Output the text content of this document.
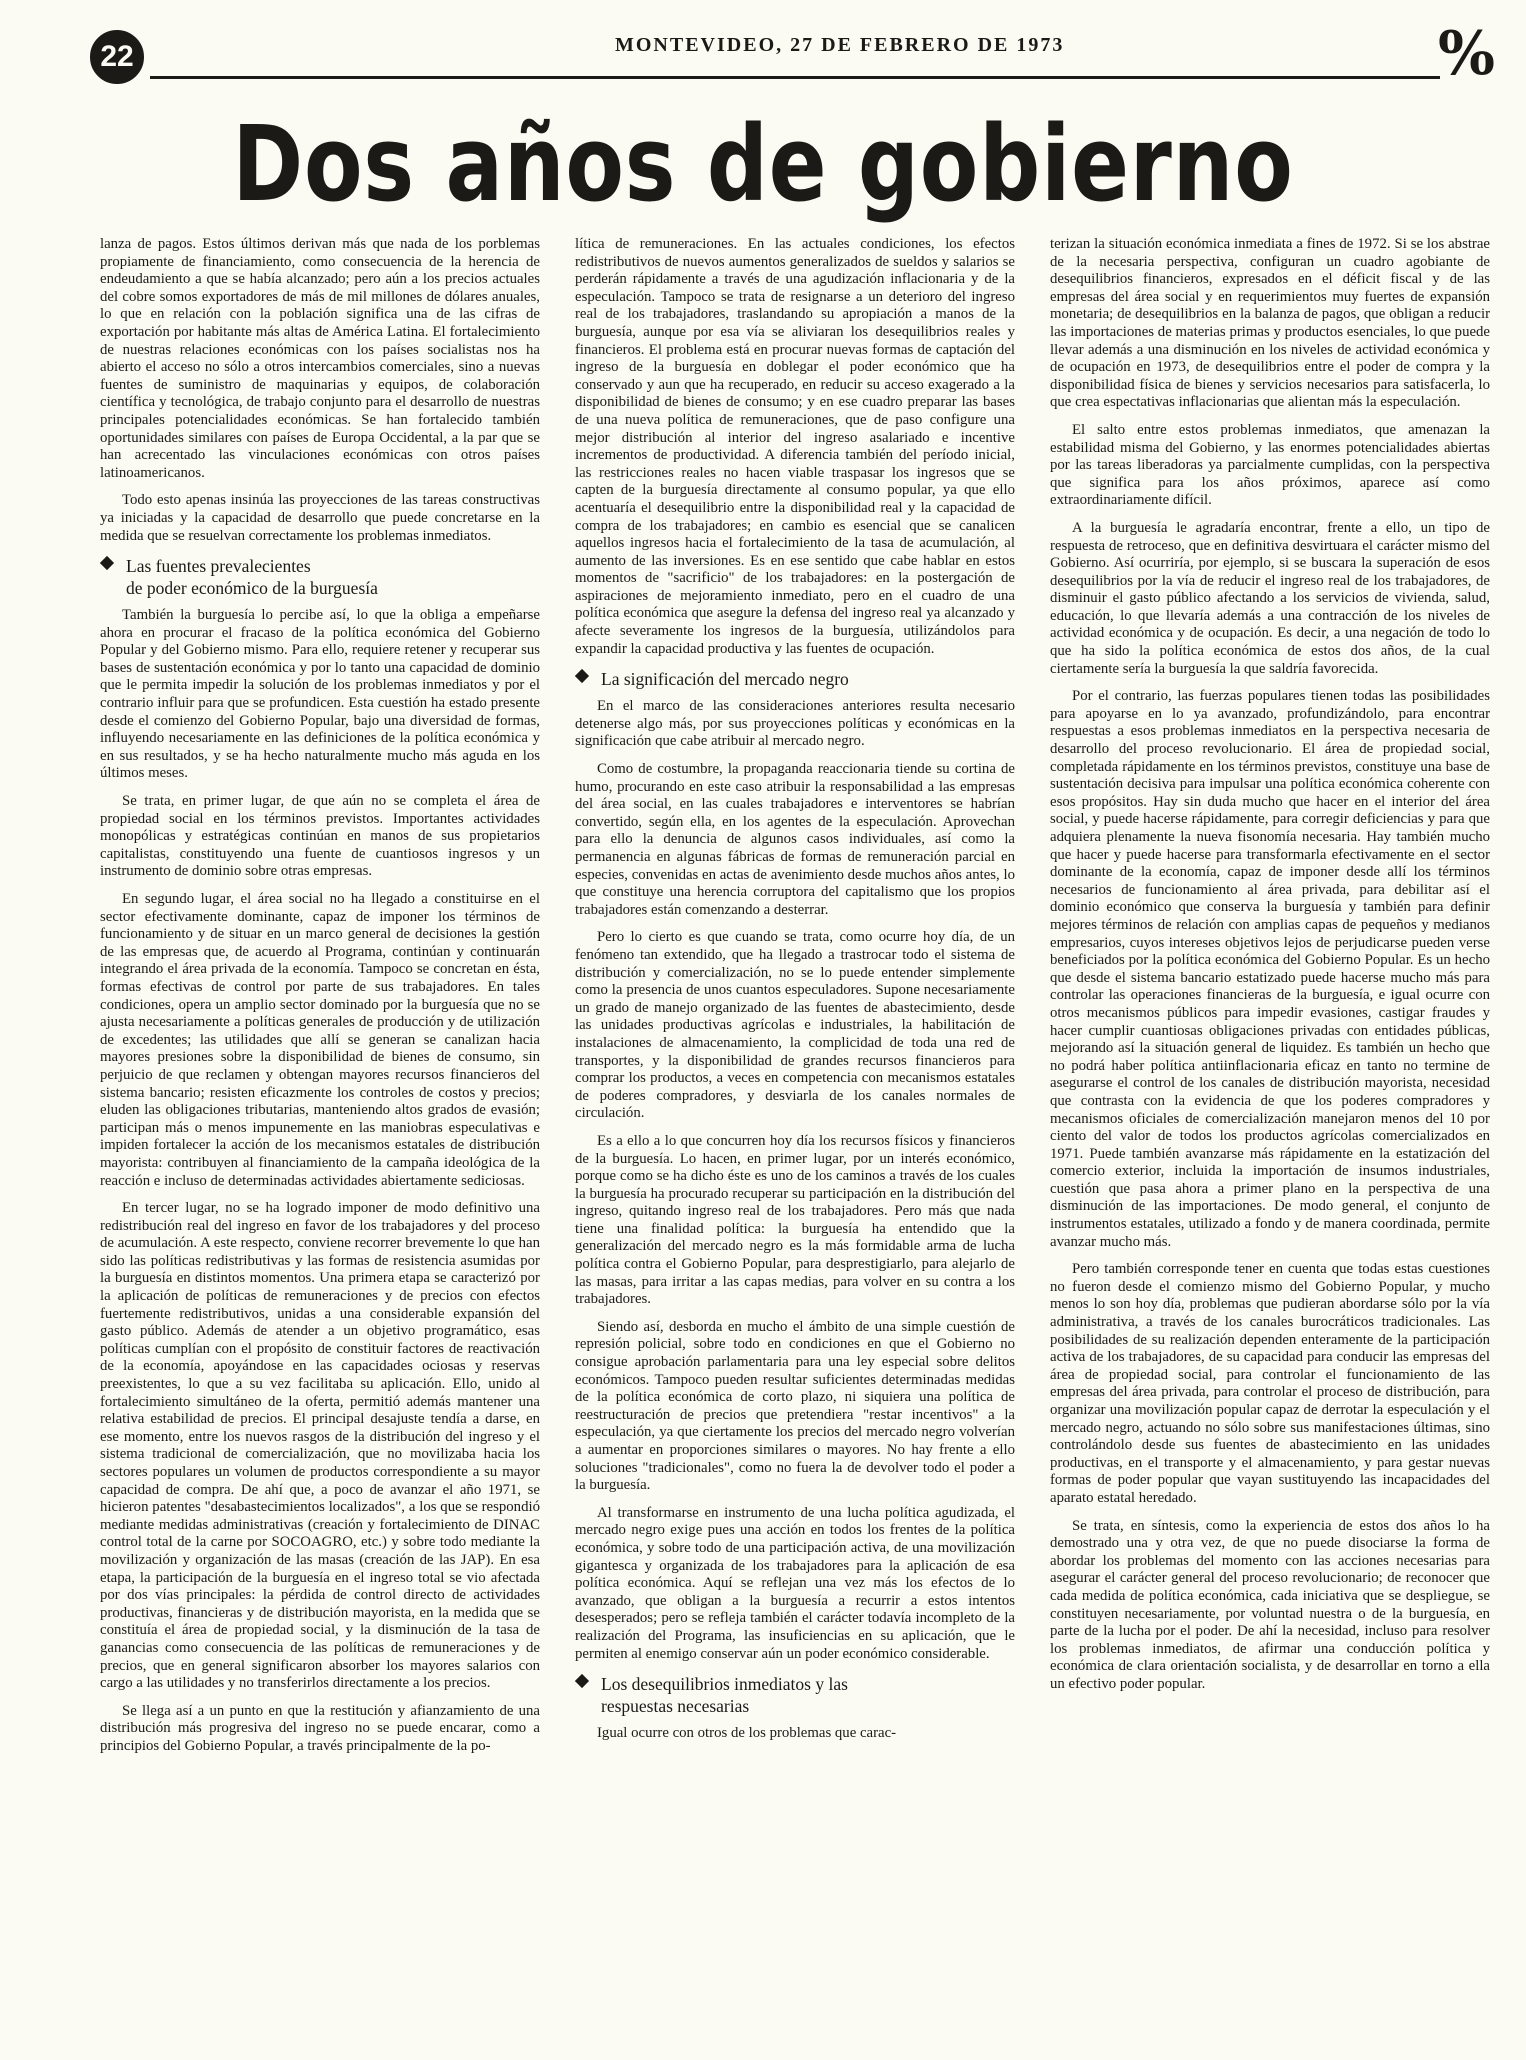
22	MONTEVIDEO, 27 DE FEBRERO DE 1973	%
Dos años de gobierno

lanza de pagos. Estos últimos derivan más que nada de los porblemas propiamente de financiamiento, como consecuencia de la herencia de endeudamiento a que se había alcanzado; pero aún a los precios actuales del cobre somos exportadores de más de mil millones de dólares anuales, lo que en relación con la población significa una de las cifras de exportación por habitante más altas de América Latina. El fortalecimiento de nuestras relaciones económicas con los países socialistas nos ha abierto el acceso no sólo a otros intercambios comerciales, sino a nuevas fuentes de suministro de maquinarias y equipos, de colaboración científica y tecnológica, de trabajo conjunto para el desarrollo de nuestras principales potencialidades económicas. Se han fortalecido también oportunidades similares con países de Europa Occidental, a la par que se han acrecentado las vinculaciones económicas con otros países latinoamericanos.

Todo esto apenas insinúa las proyecciones de las tareas constructivas ya iniciadas y la capacidad de desarrollo que puede concretarse en la medida que se resuelvan correctamente los problemas inmediatos.

Las fuentes prevalecientes
de poder económico de la burguesía

También la burguesía lo percibe así, lo que la obliga a empeñarse ahora en procurar el fracaso de la política económica del Gobierno Popular y del Gobierno mismo. Para ello, requiere retener y recuperar sus bases de sustentación económica y por lo tanto una capacidad de dominio que le permita impedir la solución de los problemas inmediatos y por el contrario influir para que se profundicen. Esta cuestión ha estado presente desde el comienzo del Gobierno Popular, bajo una diversidad de formas, influyendo necesariamente en las definiciones de la política económica y en sus resultados, y se ha hecho naturalmente mucho más aguda en los últimos meses.

Se trata, en primer lugar, de que aún no se completa el área de propiedad social en los términos previstos. Importantes actividades monopólicas y estratégicas continúan en manos de sus propietarios capitalistas, constituyendo una fuente de cuantiosos ingresos y un instrumento de dominio sobre otras empresas.

En segundo lugar, el área social no ha llegado a constituirse en el sector efectivamente dominante, capaz de imponer los términos de funcionamiento y de situar en un marco general de decisiones la gestión de las empresas que, de acuerdo al Programa, continúan y continuarán integrando el área privada de la economía. Tampoco se concretan en ésta, formas efectivas de control por parte de sus trabajadores. En tales condiciones, opera un amplio sector dominado por la burguesía que no se ajusta necesariamente a políticas generales de producción y de utilización de excedentes; las utilidades que allí se generan se canalizan hacia mayores presiones sobre la disponibilidad de bienes de consumo, sin perjuicio de que reclamen y obtengan mayores recursos financieros del sistema bancario; resisten eficazmente los controles de costos y precios; eluden las obligaciones tributarias, manteniendo altos grados de evasión; participan más o menos impunemente en las maniobras especulativas e impiden fortalecer la acción de los mecanismos estatales de distribución mayorista: contribuyen al financiamiento de la campaña ideológica de la reacción e incluso de determinadas actividades abiertamente sediciosas.

En tercer lugar, no se ha logrado imponer de modo definitivo una redistribución real del ingreso en favor de los trabajadores y del proceso de acumulación. A este respecto, conviene recorrer brevemente lo que han sido las políticas redistributivas y las formas de resistencia asumidas por la burguesía en distintos momentos. Una primera etapa se caracterizó por la aplicación de políticas de remuneraciones y de precios con efectos fuertemente redistributivos, unidas a una considerable expansión del gasto público. Además de atender a un objetivo programático, esas políticas cumplían con el propósito de constituir factores de reactivación de la economía, apoyándose en las capacidades ociosas y reservas preexistentes, lo que a su vez facilitaba su aplicación. Ello, unido al fortalecimiento simultáneo de la oferta, permitió además mantener una relativa estabilidad de precios. El principal desajuste tendía a darse, en ese momento, entre los nuevos rasgos de la distribución del ingreso y el sistema tradicional de comercialización, que no movilizaba hacia los sectores populares un volumen de productos correspondiente a su mayor capacidad de compra. De ahí que, a poco de avanzar el año 1971, se hicieron patentes "desabastecimientos localizados", a los que se respondió mediante medidas administrativas (creación y fortalecimiento de DINAC control total de la carne por SOCOAGRO, etc.) y sobre todo mediante la movilización y organización de las masas (creación de las JAP). En esa etapa, la participación de la burguesía en el ingreso total se vio afectada por dos vías principales: la pérdida de control directo de actividades productivas, financieras y de distribución mayorista, en la medida que se constituía el área de propiedad social, y la disminución de la tasa de ganancias como consecuencia de las políticas de remuneraciones y de precios, que en general significaron absorber los mayores salarios con cargo a las utilidades y no transferirlos directamente a los precios.

Se llega así a un punto en que la restitución y afianzamiento de una distribución más progresiva del ingreso no se puede encarar, como a principios del Gobierno Popular, a través principalmente de la po-

lítica de remuneraciones. En las actuales condiciones, los efectos redistributivos de nuevos aumentos generalizados de sueldos y salarios se perderán rápidamente a través de una agudización inflacionaria y de la especulación. Tampoco se trata de resignarse a un deterioro del ingreso real de los trabajadores, traslandando su apropiación a manos de la burguesía, aunque por esa vía se aliviaran los desequilibrios reales y financieros. El problema está en procurar nuevas formas de captación del ingreso de la burguesía en doblegar el poder económico que ha conservado y aun que ha recuperado, en reducir su acceso exagerado a la disponibilidad de bienes de consumo; y en ese cuadro preparar las bases de una nueva política de remuneraciones, que de paso configure una mejor distribución al interior del ingreso asalariado e incentive incrementos de productividad. A diferencia también del período inicial, las restricciones reales no hacen viable traspasar los ingresos que se capten de la burguesía directamente al consumo popular, ya que ello acentuaría el desequilibrio entre la disponibilidad real y la capacidad de compra de los trabajadores; en cambio es esencial que se canalicen aquellos ingresos hacia el fortalecimiento de la tasa de acumulación, al aumento de las inversiones. Es en ese sentido que cabe hablar en estos momentos de "sacrificio" de los trabajadores: en la postergación de aspiraciones de mejoramiento inmediato, pero en el cuadro de una política económica que asegure la defensa del ingreso real ya alcanzado y afecte severamente los ingresos de la burguesía, utilizándolos para expandir la capacidad productiva y las fuentes de ocupación.

La significación del mercado negro

En el marco de las consideraciones anteriores resulta necesario detenerse algo más, por sus proyecciones políticas y económicas en la significación que cabe atribuir al mercado negro.

Como de costumbre, la propaganda reaccionaria tiende su cortina de humo, procurando en este caso atribuir la responsabilidad a las empresas del área social, en las cuales trabajadores e interventores se habrían convertido, según ella, en los agentes de la especulación. Aprovechan para ello la denuncia de algunos casos individuales, así como la permanencia en algunas fábricas de formas de remuneración parcial en especies, convenidas en actas de avenimiento desde muchos años antes, lo que constituye una herencia corruptora del capitalismo que los propios trabajadores están comenzando a desterrar.

Pero lo cierto es que cuando se trata, como ocurre hoy día, de un fenómeno tan extendido, que ha llegado a trastrocar todo el sistema de distribución y comercialización, no se lo puede entender simplemente como la presencia de unos cuantos especuladores. Supone necesariamente un grado de manejo organizado de las fuentes de abastecimiento, desde las unidades productivas agrícolas e industriales, la habilitación de instalaciones de almacenamiento, la complicidad de toda una red de transportes, y la disponibilidad de grandes recursos financieros para comprar los productos, a veces en competencia con mecanismos estatales de poderes compradores, y desviarla de los canales normales de circulación.

Es a ello a lo que concurren hoy día los recursos físicos y financieros de la burguesía. Lo hacen, en primer lugar, por un interés económico, porque como se ha dicho éste es uno de los caminos a través de los cuales la burguesía ha procurado recuperar su participación en la distribución del ingreso, quitando ingreso real de los trabajadores. Pero más que nada tiene una finalidad política: la burguesía ha entendido que la generalización del mercado negro es la más formidable arma de lucha política contra el Gobierno Popular, para desprestigiarlo, para alejarlo de las masas, para irritar a las capas medias, para volver en su contra a los trabajadores.

Siendo así, desborda en mucho el ámbito de una simple cuestión de represión policial, sobre todo en condiciones en que el Gobierno no consigue aprobación parlamentaria para una ley especial sobre delitos económicos. Tampoco pueden resultar suficientes determinadas medidas de la política económica de corto plazo, ni siquiera una política de reestructuración de precios que pretendiera "restar incentivos" a la especulación, ya que ciertamente los precios del mercado negro volverían a aumentar en proporciones similares o mayores. No hay frente a ello soluciones "tradicionales", como no fuera la de devolver todo el poder a la burguesía.

Al transformarse en instrumento de una lucha política agudizada, el mercado negro exige pues una acción en todos los frentes de la política económica, y sobre todo de una participación activa, de una movilización gigantesca y organizada de los trabajadores para la aplicación de esa política económica. Aquí se reflejan una vez más los efectos de lo avanzado, que obligan a la burguesía a recurrir a estos intentos desesperados; pero se refleja también el carácter todavía incompleto de la realización del Programa, las insuficiencias en su aplicación, que le permiten al enemigo conservar aún un poder económico considerable.

Los desequilibrios inmediatos y las
respuestas necesarias

Igual ocurre con otros de los problemas que carac-

terizan la situación económica inmediata a fines de 1972. Si se los abstrae de la necesaria perspectiva, configuran un cuadro agobiante de desequilibrios financieros, expresados en el déficit fiscal y de las empresas del área social y en requerimientos muy fuertes de expansión monetaria; de desequilibrios en la balanza de pagos, que obligan a reducir las importaciones de materias primas y productos esenciales, lo que puede llevar además a una disminución en los niveles de actividad económica y de ocupación en 1973, de desequilibrios entre el poder de compra y la disponibilidad física de bienes y servicios necesarios para satisfacerla, lo que crea espectativas inflacionarias que alientan más la especulación.

El salto entre estos problemas inmediatos, que amenazan la estabilidad misma del Gobierno, y las enormes potencialidades abiertas por las tareas liberadoras ya parcialmente cumplidas, con la perspectiva que significa para los años próximos, aparece así como extraordinariamente difícil.

A la burguesía le agradaría encontrar, frente a ello, un tipo de respuesta de retroceso, que en definitiva desvirtuara el carácter mismo del Gobierno. Así ocurriría, por ejemplo, si se buscara la superación de esos desequilibrios por la vía de reducir el ingreso real de los trabajadores, de disminuir el gasto público afectando a los servicios de vivienda, salud, educación, lo que llevaría además a una contracción de los niveles de actividad económica y de ocupación. Es decir, a una negación de todo lo que ha sido la política económica de estos dos años, de la cual ciertamente sería la burguesía la que saldría favorecida.

Por el contrario, las fuerzas populares tienen todas las posibilidades para apoyarse en lo ya avanzado, profundizándolo, para encontrar respuestas a esos problemas inmediatos en la perspectiva necesaria de desarrollo del proceso revolucionario. El área de propiedad social, completada rápidamente en los términos previstos, constituye una base de sustentación decisiva para impulsar una política económica coherente con esos propósitos. Hay sin duda mucho que hacer en el interior del área social, y puede hacerse rápidamente, para corregir deficiencias y para que adquiera plenamente la nueva fisonomía necesaria. Hay también mucho que hacer y puede hacerse para transformarla efectivamente en el sector dominante de la economía, capaz de imponer desde allí los términos necesarios de funcionamiento al área privada, para debilitar así el dominio económico que conserva la burguesía y también para definir mejores términos de relación con amplias capas de pequeños y medianos empresarios, cuyos intereses objetivos lejos de perjudicarse pueden verse beneficiados por la política económica del Gobierno Popular. Es un hecho que desde el sistema bancario estatizado puede hacerse mucho más para controlar las operaciones financieras de la burguesía, e igual ocurre con otros mecanismos públicos para impedir evasiones, castigar fraudes y hacer cumplir cuantiosas obligaciones privadas con entidades públicas, mejorando así la situación general de liquidez. Es también un hecho que no podrá haber política antiinflacionaria eficaz en tanto no termine de asegurarse el control de los canales de distribución mayorista, necesidad que contrasta con la evidencia de que los poderes compradores y mecanismos oficiales de comercialización manejaron menos del 10 por ciento del valor de todos los productos agrícolas comercializados en 1971. Puede también avanzarse más rápidamente en la estatización del comercio exterior, incluida la importación de insumos industriales, cuestión que pasa ahora a primer plano en la perspectiva de una disminución de las importaciones. De modo general, el conjunto de instrumentos estatales, utilizado a fondo y de manera coordinada, permite avanzar mucho más.

Pero también corresponde tener en cuenta que todas estas cuestiones no fueron desde el comienzo mismo del Gobierno Popular, y mucho menos lo son hoy día, problemas que pudieran abordarse sólo por la vía administrativa, a través de los canales burocráticos tradicionales. Las posibilidades de su realización dependen enteramente de la participación activa de los trabajadores, de su capacidad para conducir las empresas del área de propiedad social, para controlar el funcionamiento de las empresas del área privada, para controlar el proceso de distribución, para organizar una movilización popular capaz de derrotar la especulación y el mercado negro, actuando no sólo sobre sus manifestaciones últimas, sino controlándolo desde sus fuentes de abastecimiento en las unidades productivas, en el transporte y el almacenamiento, y para gestar nuevas formas de poder popular que vayan sustituyendo las incapacidades del aparato estatal heredado.

Se trata, en síntesis, como la experiencia de estos dos años lo ha demostrado una y otra vez, de que no puede disociarse la forma de abordar los problemas del momento con las acciones necesarias para asegurar el carácter general del proceso revolucionario; de reconocer que cada medida de política económica, cada iniciativa que se despliegue, se constituyen necesariamente, por voluntad nuestra o de la burguesía, en parte de la lucha por el poder. De ahí la necesidad, incluso para resolver los problemas inmediatos, de afirmar una conducción política y económica de clara orientación socialista, y de desarrollar en torno a ella un efectivo poder popular.
